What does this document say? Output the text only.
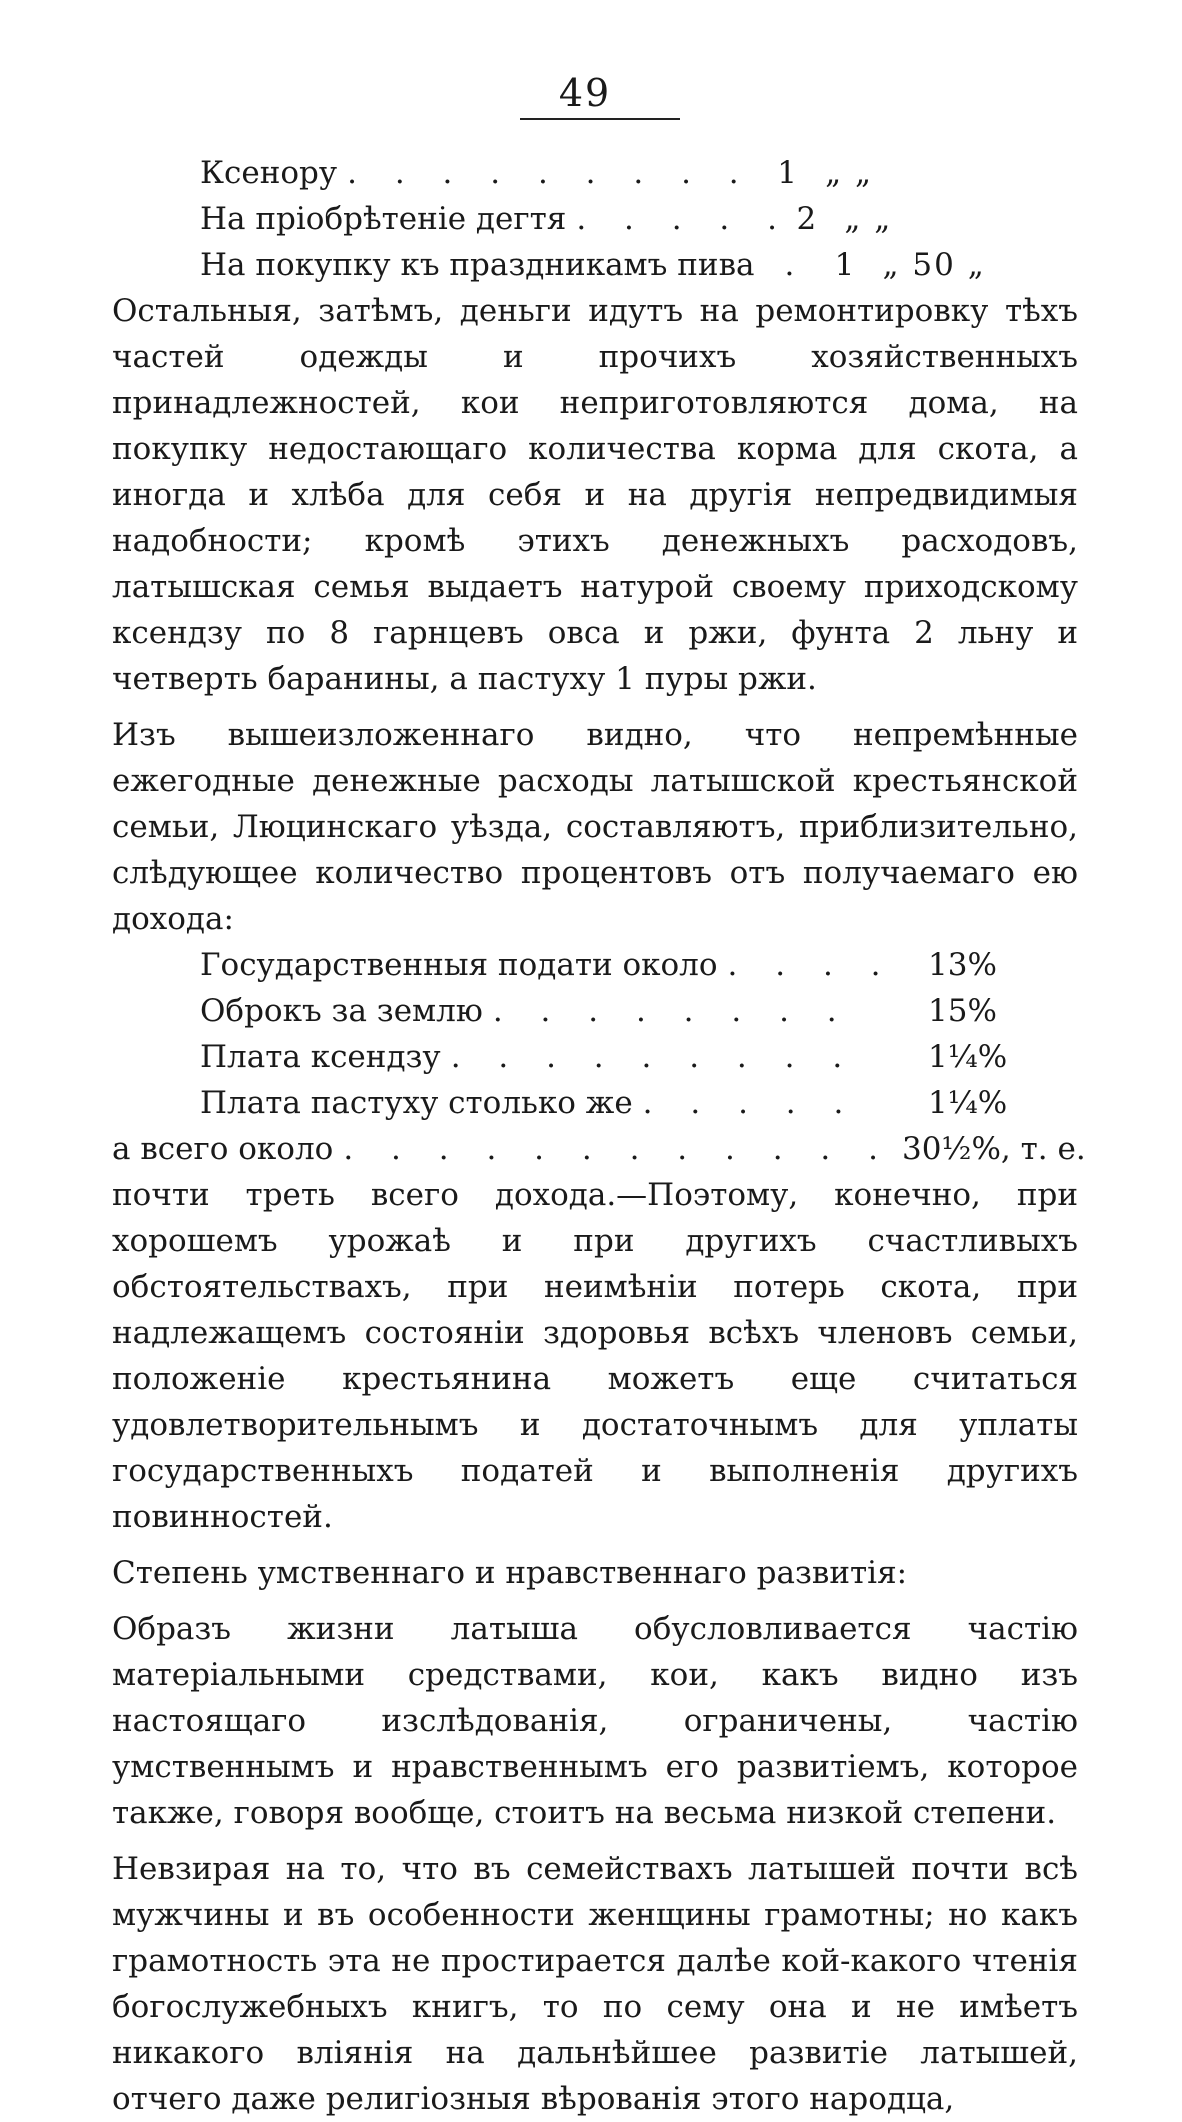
49
Ксенору . . . . . . . . . 1 „ „
На пріобрѣтеніе дегтя . . . . . 2 „ „
На покупку къ праздникамъ пива . 1 „ 50 „

Остальныя, затѣмъ, деньги идутъ на ремонтировку тѣхъ частей одежды и прочихъ хозяйственныхъ принадлежностей, кои неприготовляются дома, на покупку недостающаго количества корма для скота, а иногда и хлѣба для себя и на другія непредвидимыя надобности; кромѣ этихъ денежныхъ расходовъ, латышская семья выдаетъ натурой своему приходскому ксендзу по 8 гарнцевъ овса и ржи, фунта 2 льну и четверть баранины, а пастуху 1 пуры ржи.

Изъ вышеизложеннаго видно, что непремѣнные ежегодные денежные расходы латышской крестьянской семьи, Люцинскаго уѣзда, составляютъ, приблизительно, слѣдующее количество процентовъ отъ получаемаго ею дохода:

Государственныя подати около . . . .	13%
Оброкъ за землю . . . . . . . .	15%
Плата ксендзу . . . . . . . . .	1¼%
Плата пастуху столько же . . . . .	1¼%
а всего около . . . . . . . . . . . . 30½%, т. е.

почти треть всего дохода.—Поэтому, конечно, при хорошемъ урожаѣ и при другихъ счастливыхъ обстоятельствахъ, при неимѣніи потерь скота, при надлежащемъ состояніи здоровья всѣхъ членовъ семьи, положеніе крестьянина можетъ еще считаться удовлетворительнымъ и достаточнымъ для уплаты государственныхъ податей и выполненія другихъ повинностей.

Степень умственнаго и нравственнаго развитія:

Образъ жизни латыша обусловливается частію матеріальными средствами, кои, какъ видно изъ настоящаго изслѣдованія, ограничены, частію умственнымъ и нравственнымъ его развитіемъ, которое также, говоря вообще, стоитъ на весьма низкой степени.

Невзирая на то, что въ семействахъ латышей почти всѣ мужчины и въ особенности женщины грамотны; но какъ грамотность эта не простирается далѣе кой-какого чтенія богослужебныхъ книгъ, то по сему она и не имѣетъ никакого вліянія на дальнѣйшее развитіе латышей, отчего даже религіозныя вѣрованія этого народца,
